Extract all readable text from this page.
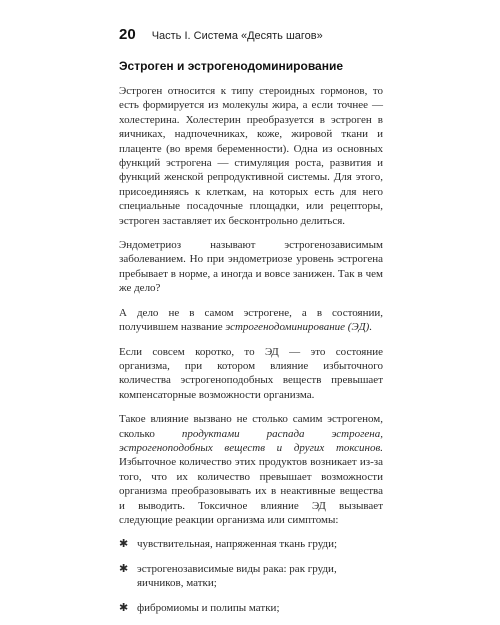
20 Часть I. Система «Десять шагов»
Эстроген и эстрогенодоминирование

Эстроген относится к типу стероидных гормонов, то есть формируется из молекулы жира, а если точнее — холестерина. Холестерин преобразуется в эстроген в яичниках, надпочечниках, коже, жировой ткани и плаценте (во время беременности). Одна из основных функций эстрогена — стимуляция роста, развития и функций женской репродуктивной системы. Для этого, присоединяясь к клеткам, на которых есть для него специальные посадочные площадки, или рецепторы, эстроген заставляет их бесконтрольно делиться.

Эндометриоз называют эстрогенозависимым заболеванием. Но при эндометриозе уровень эстрогена пребывает в норме, а иногда и вовсе занижен. Так в чем же дело?

А дело не в самом эстрогене, а в состоянии, получившем название эстрогенодоминирование (ЭД).

Если совсем коротко, то ЭД — это состояние организма, при котором влияние избыточного количества эстрогеноподобных веществ превышает компенсаторные возможности организма.

Такое влияние вызвано не столько самим эстрогеном, сколько продуктами распада эстрогена, эстрогеноподобных веществ и других токсинов. Избыточное количество этих продуктов возникает из-за того, что их количество превышает возможности организма преобразовывать их в неактивные вещества и выводить. Токсичное влияние ЭД вызывает следующие реакции организма или симптомы:

✱ чувствительная, напряженная ткань груди;
✱ эстрогенозависимые виды рака: рак груди, яичников, матки;
✱ фибромиомы и полипы матки;
